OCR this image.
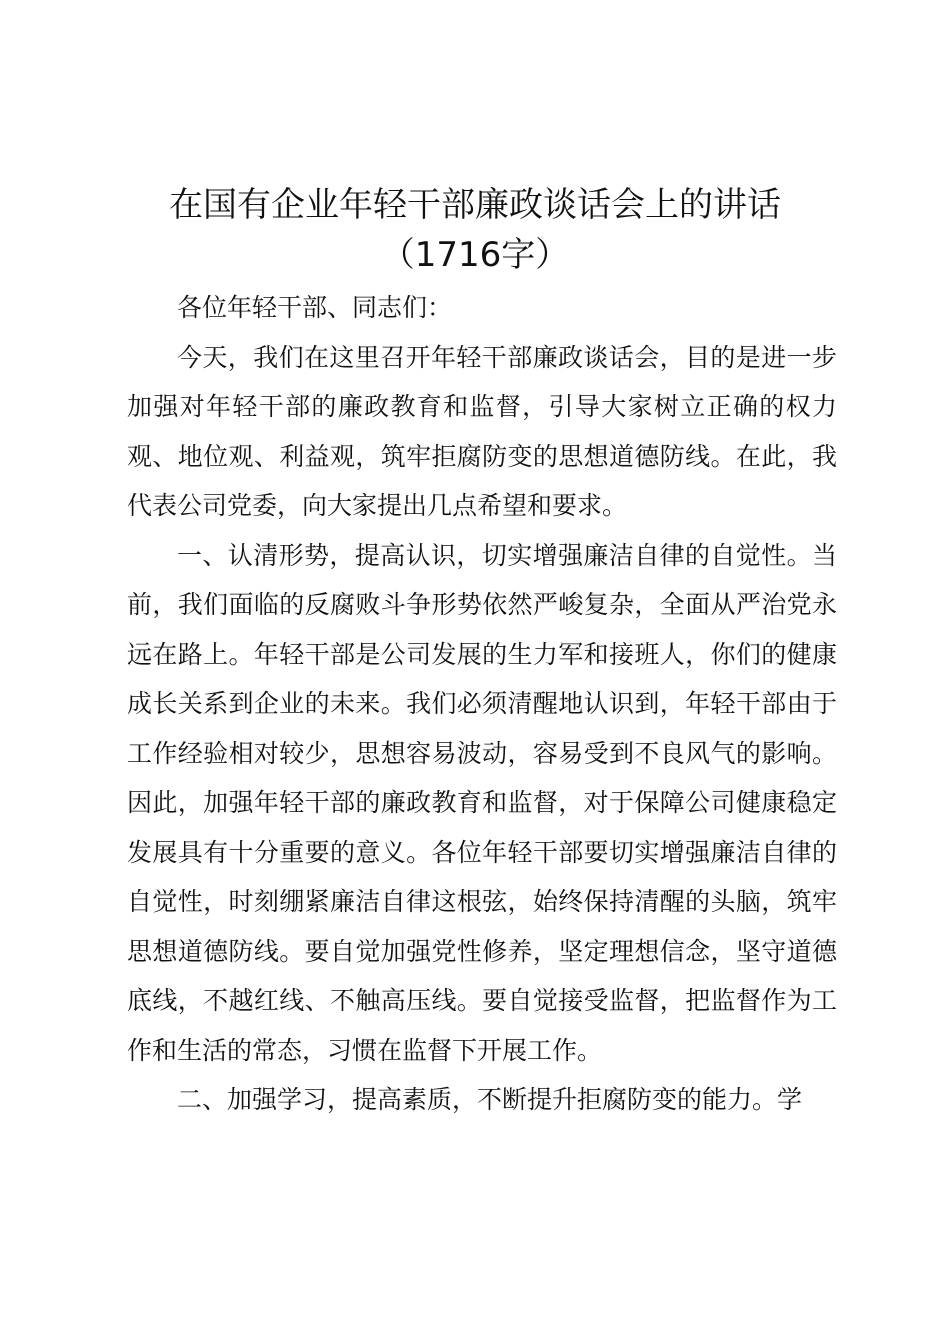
在国有企业年轻干部廉政谈话会上的讲话
（1716字）

各位年轻干部、同志们：

今天，我们在这里召开年轻干部廉政谈话会，目的是进一步加强对年轻干部的廉政教育和监督，引导大家树立正确的权力观、地位观、利益观，筑牢拒腐防变的思想道德防线。在此，我代表公司党委，向大家提出几点希望和要求。

一、认清形势，提高认识，切实增强廉洁自律的自觉性。当前，我们面临的反腐败斗争形势依然严峻复杂，全面从严治党永远在路上。年轻干部是公司发展的生力军和接班人，你们的健康成长关系到企业的未来。我们必须清醒地认识到，年轻干部由于工作经验相对较少，思想容易波动，容易受到不良风气的影响。因此，加强年轻干部的廉政教育和监督，对于保障公司健康稳定发展具有十分重要的意义。各位年轻干部要切实增强廉洁自律的自觉性，时刻绷紧廉洁自律这根弦，始终保持清醒的头脑，筑牢思想道德防线。要自觉加强党性修养，坚定理想信念，坚守道德底线，不越红线、不触高压线。要自觉接受监督，把监督作为工作和生活的常态，习惯在监督下开展工作。

二、加强学习，提高素质，不断提升拒腐防变的能力。学
